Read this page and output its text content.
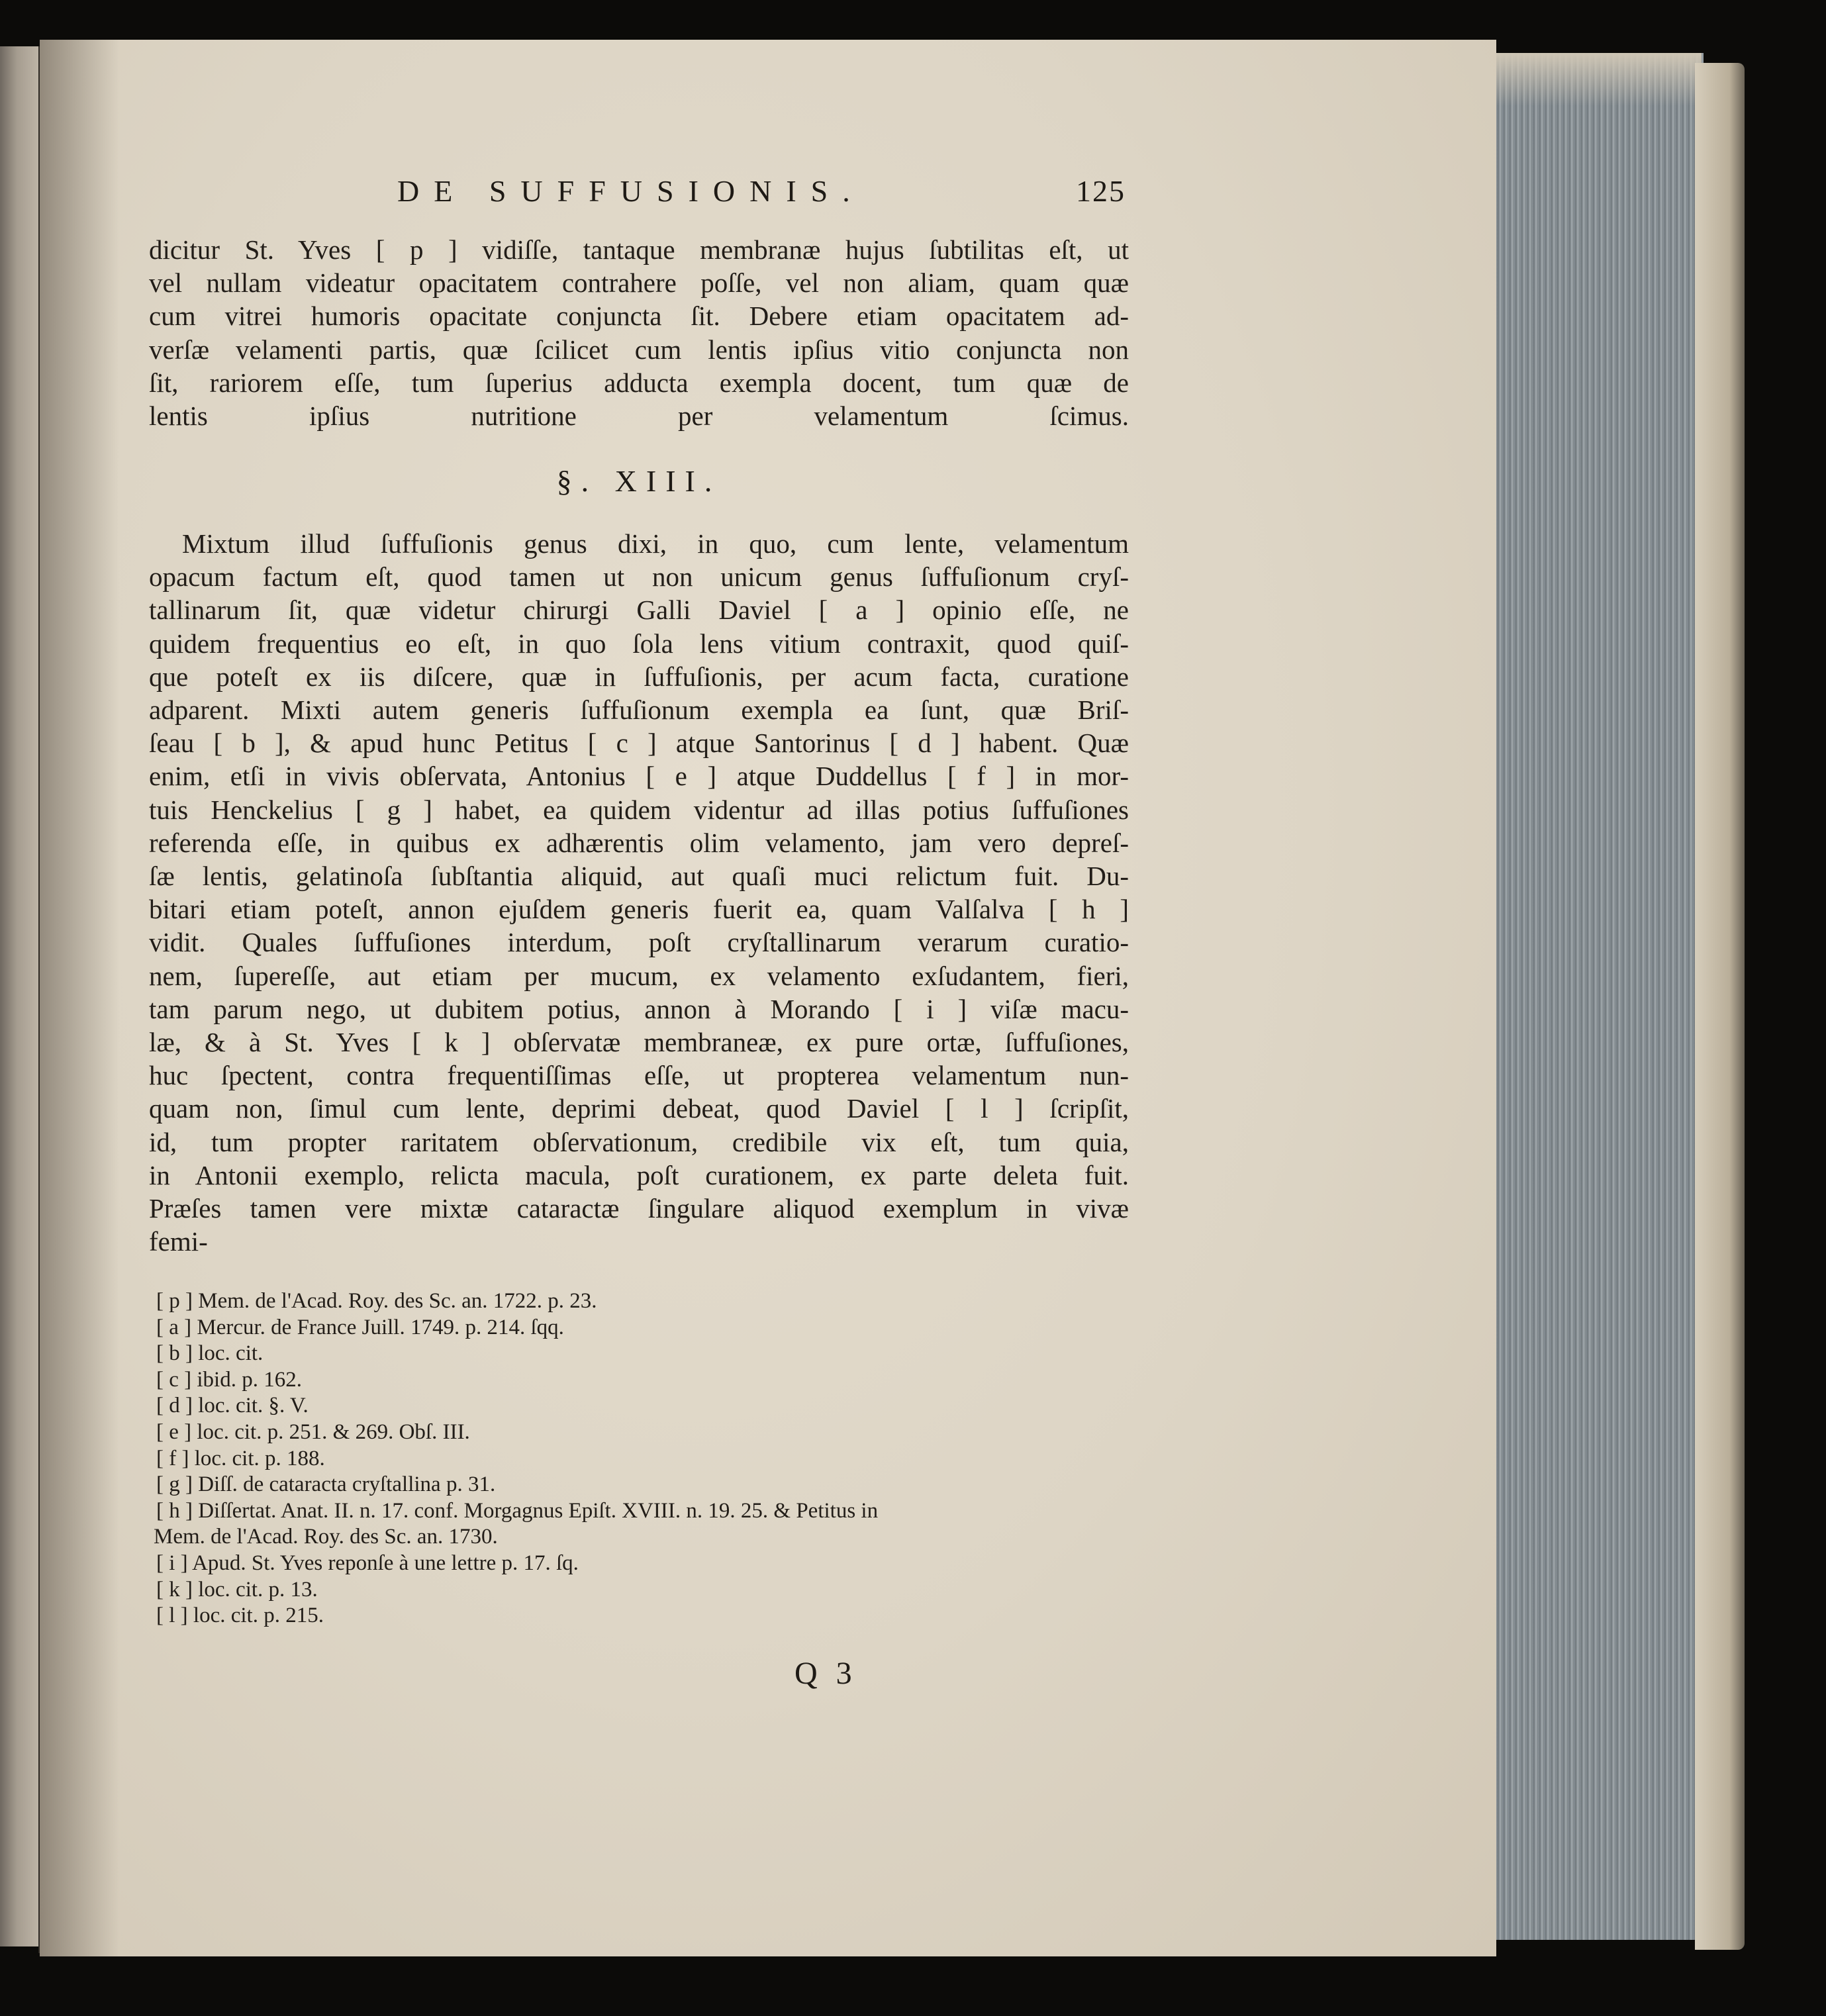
DE SUFFUSIONIS.	125
dicitur St. Yves [ p ] vidiſſe, tantaque membranæ hujus ſubtilitas eſt, ut
vel nullam videatur opacitatem contrahere poſſe, vel non aliam, quam quæ
cum vitrei humoris opacitate conjuncta ſit. Debere etiam opacitatem ad-
verſæ velamenti partis, quæ ſcilicet cum lentis ipſius vitio conjuncta non
ſit, rariorem eſſe, tum ſuperius adducta exempla docent, tum quæ de
lentis ipſius nutritione per velamentum ſcimus.
§. XIII.
Mixtum illud ſuffuſionis genus dixi, in quo, cum lente, velamentum
opacum factum eſt, quod tamen ut non unicum genus ſuffuſionum cryſ-
tallinarum ſit, quæ videtur chirurgi Galli Daviel [ a ] opinio eſſe, ne
quidem frequentius eo eſt, in quo ſola lens vitium contraxit, quod quiſ-
que poteſt ex iis diſcere, quæ in ſuffuſionis, per acum facta, curatione
adparent. Mixti autem generis ſuffuſionum exempla ea ſunt, quæ Briſ-
ſeau [ b ], & apud hunc Petitus [ c ] atque Santorinus [ d ] habent. Quæ
enim, etſi in vivis obſervata, Antonius [ e ] atque Duddellus [ f ] in mor-
tuis Henckelius [ g ] habet, ea quidem videntur ad illas potius ſuffuſiones
referenda eſſe, in quibus ex adhærentis olim velamento, jam vero depreſ-
ſæ lentis, gelatinoſa ſubſtantia aliquid, aut quaſi muci relictum fuit. Du-
bitari etiam poteſt, annon ejuſdem generis fuerit ea, quam Valſalva [ h ]
vidit. Quales ſuffuſiones interdum, poſt cryſtallinarum verarum curatio-
nem, ſupereſſe, aut etiam per mucum, ex velamento exſudantem, fieri,
tam parum nego, ut dubitem potius, annon à Morando [ i ] viſæ macu-
læ, & à St. Yves [ k ] obſervatæ membraneæ, ex pure ortæ, ſuffuſiones,
huc ſpectent, contra frequentiſſimas eſſe, ut propterea velamentum nun-
quam non, ſimul cum lente, deprimi debeat, quod Daviel [ l ] ſcripſit,
id, tum propter raritatem obſervationum, credibile vix eſt, tum quia,
in Antonii exemplo, relicta macula, poſt curationem, ex parte deleta fuit.
Præſes tamen vere mixtæ cataractæ ſingulare aliquod exemplum in vivæ
femi-
[ p ] Mem. de l'Acad. Roy. des Sc. an. 1722. p. 23.
[ a ] Mercur. de France Juill. 1749. p. 214. ſqq.
[ b ] loc. cit.
[ c ] ibid. p. 162.
[ d ] loc. cit. §. V.
[ e ] loc. cit. p. 251. & 269. Obſ. III.
[ f ] loc. cit. p. 188.
[ g ] Diſſ. de cataracta cryſtallina p. 31.
[ h ] Diſſertat. Anat. II. n. 17. conf. Morgagnus Epiſt. XVIII. n. 19. 25. & Petitus in
Mem. de l'Acad. Roy. des Sc. an. 1730.
[ i ] Apud. St. Yves reponſe à une lettre p. 17. ſq.
[ k ] loc. cit. p. 13.
[ l ] loc. cit. p. 215.
Q 3
